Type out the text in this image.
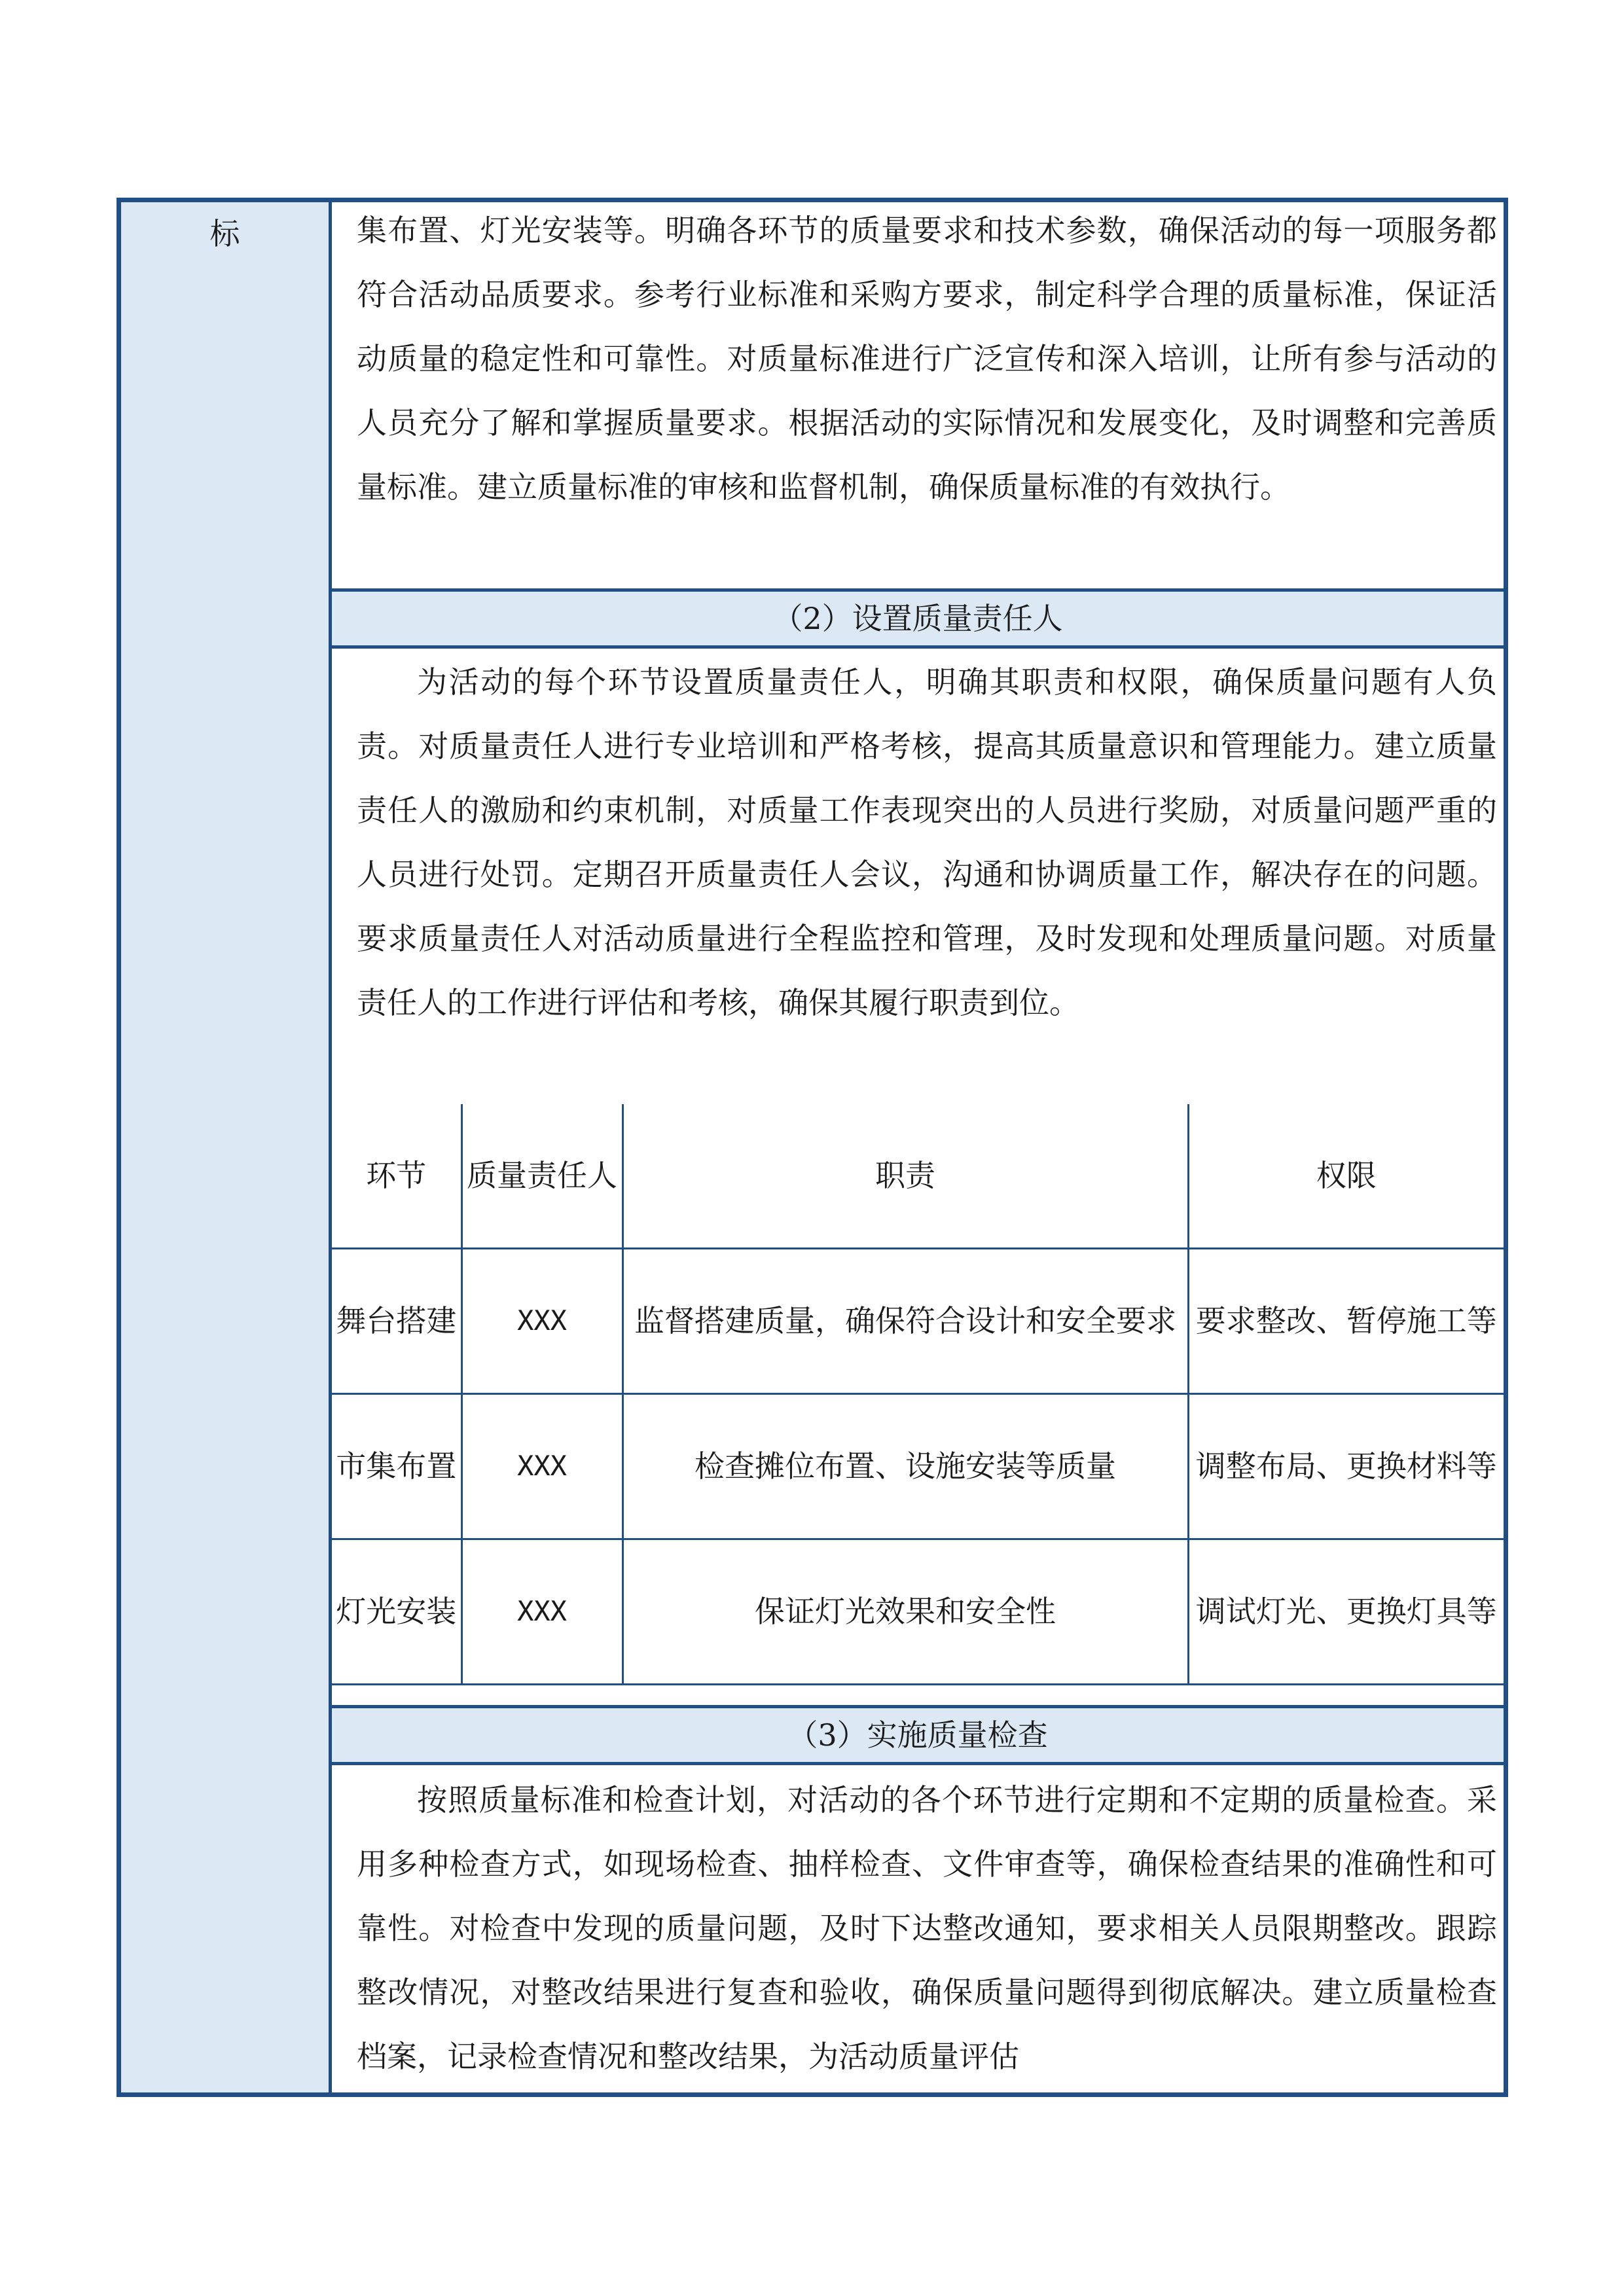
标	集布置、灯光安装等。明确各环节的质量要求和技术参数，确保活动的每一项服务都符合活动品质要求。参考行业标准和采购方要求，制定科学合理的质量标准，保证活动质量的稳定性和可靠性。对质量标准进行广泛宣传和深入培训，让所有参与活动的人员充分了解和掌握质量要求。根据活动的实际情况和发展变化，及时调整和完善质量标准。建立质量标准的审核和监督机制，确保质量标准的有效执行。
（2）设置质量责任人
为活动的每个环节设置质量责任人，明确其职责和权限，确保质量问题有人负责。对质量责任人进行专业培训和严格考核，提高其质量意识和管理能力。建立质量责任人的激励和约束机制，对质量工作表现突出的人员进行奖励，对质量问题严重的人员进行处罚。定期召开质量责任人会议，沟通和协调质量工作，解决存在的问题。要求质量责任人对活动质量进行全程监控和管理，及时发现和处理质量问题。对质量责任人的工作进行评估和考核，确保其履行职责到位。
环节	质量责任人	职责	权限
舞台搭建	XXX	监督搭建质量，确保符合设计和安全要求	要求整改、暂停施工等
市集布置	XXX	检查摊位布置、设施安装等质量	调整布局、更换材料等
灯光安装	XXX	保证灯光效果和安全性	调试灯光、更换灯具等
（3）实施质量检查
按照质量标准和检查计划，对活动的各个环节进行定期和不定期的质量检查。采用多种检查方式，如现场检查、抽样检查、文件审查等，确保检查结果的准确性和可靠性。对检查中发现的质量问题，及时下达整改通知，要求相关人员限期整改。跟踪整改情况，对整改结果进行复查和验收，确保质量问题得到彻底解决。建立质量检查档案，记录检查情况和整改结果，为活动质量评估
